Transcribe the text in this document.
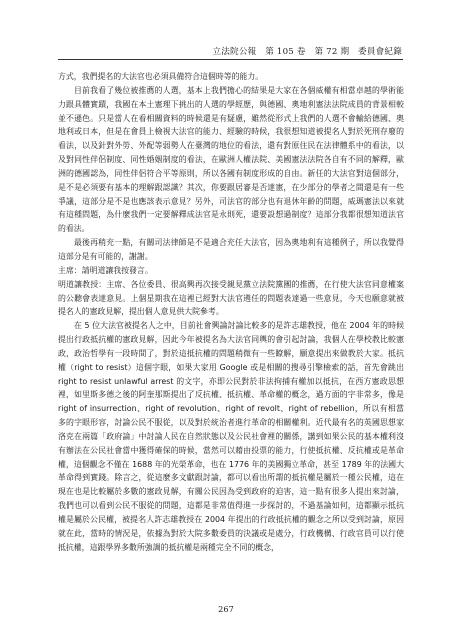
立法院公報　第 105 卷　第 72 期　委員會紀錄

方式，我們提名的大法官也必須具備符合這個時等的能力。

目前我看了幾位被推薦的人選，基本上我們擔心的結果是大家在各個威權有相當卓越的學術能力跟具體實蹟，我國在本土憲理下挑出的人選的學經歷，與德國、奧地利憲法法院成員的背景相較並不遜色。只是當人在看相關資料的時候還是有疑慮，雖然從形式上我們的人選不會輸給德國、奧地利或日本，但是在會員上檢視大法官的能力、經驗的時候，我很想知道被提名人對於死刑存廢的看法，以及針對外勞、外配等弱勢人在臺灣的地位的看法，還有對原住民在法律體系中的看法，以及對同性伴侶制度、同性婚姻制度的看法，在歐洲人權法院、美國憲法法院各自有不同的解釋，歐洲的德國認為，同性伴侶符合平等原則，所以各國有制度形成的自由。新任的大法官對這個部分，是不是必須要有基本的理解跟認識？其次，你要跟居審是否達憲，在少部分的學者之間還是有一些爭議，這部分是不是也應該表示意見？另外，司法官的部分也有退休年齡的問題，威瑪憲法以來就有這種問題，為什麼我們一定要解釋成法官是永則死，還要設想過制度？這部分我都很想知道法官的看法。

最後再稍充一點，有關司法律師是不是適合充任大法官，因為奧地利有這種例子，所以我覺得這部分是有可能的，謝謝。

主席：請明道讓我按發言。

明道讓教授：主席、各位委員、很高興再次接受親見黨立法院黨團的推薦，在行使大法官同意權案的公聽會表達意見。上個星期我在這裡已經對大法官遴任的問題表達過一些意見，今天也願意就被提名人的憲政見解，提出個人意見供大院參考。

在 5 位大法官被提名人之中，目前社會興論討論比較多的是許志雄教授，他在 2004 年的時候提出行政抵抗權的憲政見解，因此今年被提名為大法官同輿的會引起討論，我個人在學校教比較憲政，政治哲學有一段時間了，對於這抵抗權的問題稍微有一些瞭解，願意提出來做教於大家。抵抗權（right to resist）這個字眼，如果大家用 Google 或是相關的搜尋引擎檢索的話，首先會跳出 right to resist unlawful arrest 的文字，亦即公民對於非法拘捕有權加以抵抗，在西方憲政思想裡，如里斯多德之後的阿奎那斯提出了反抗權、抵抗權、革命權的概念，過方面的字非常多，像是 right of insurrection、right of revolution、right of revolt、right of rebellion，所以有相當多的字眼形容，討論公民不服從，以及對於統治者進行革命的相關權利。近代最有名的英國思想家洛克在兩篇「政府論」中討論人民在自然狀態以及公民社會裡的關係，講到如果公民的基本權利沒有辦法在公民社會當中獲得確保的時候，當然可以藉由投票的能力，行使抵抗權、反抗權或是革命權，這個觀念不僅在 1688 年的光榮革命，也在 1776 年的美國獨立革命，甚至 1789 年的法國大革命得到實踐。除言之，從這麼多文獻跟討論，都可以看出所謂的抵抗權是屬於一種公民權，這在現在也是比較屬於多數的憲政見解，有關公民因為受到政府的迫害，這一點有很多人提出來討論，我們也可以看到公民不服從的問題，這都是非常值得進一步探討的，不過基論如何，這都顯示抵抗權是屬於公民權，被提名人許志雄教授在 2004 年提出的行政抵抗權的觀念之所以受到討論，原因就在此，當時的情況是，依據為對於大院多數委員的決議或是處分，行政機構、行政官員可以行使抵抗權，這跟學界多數所強調的抵抗權是兩種完全不同的概念，

267
